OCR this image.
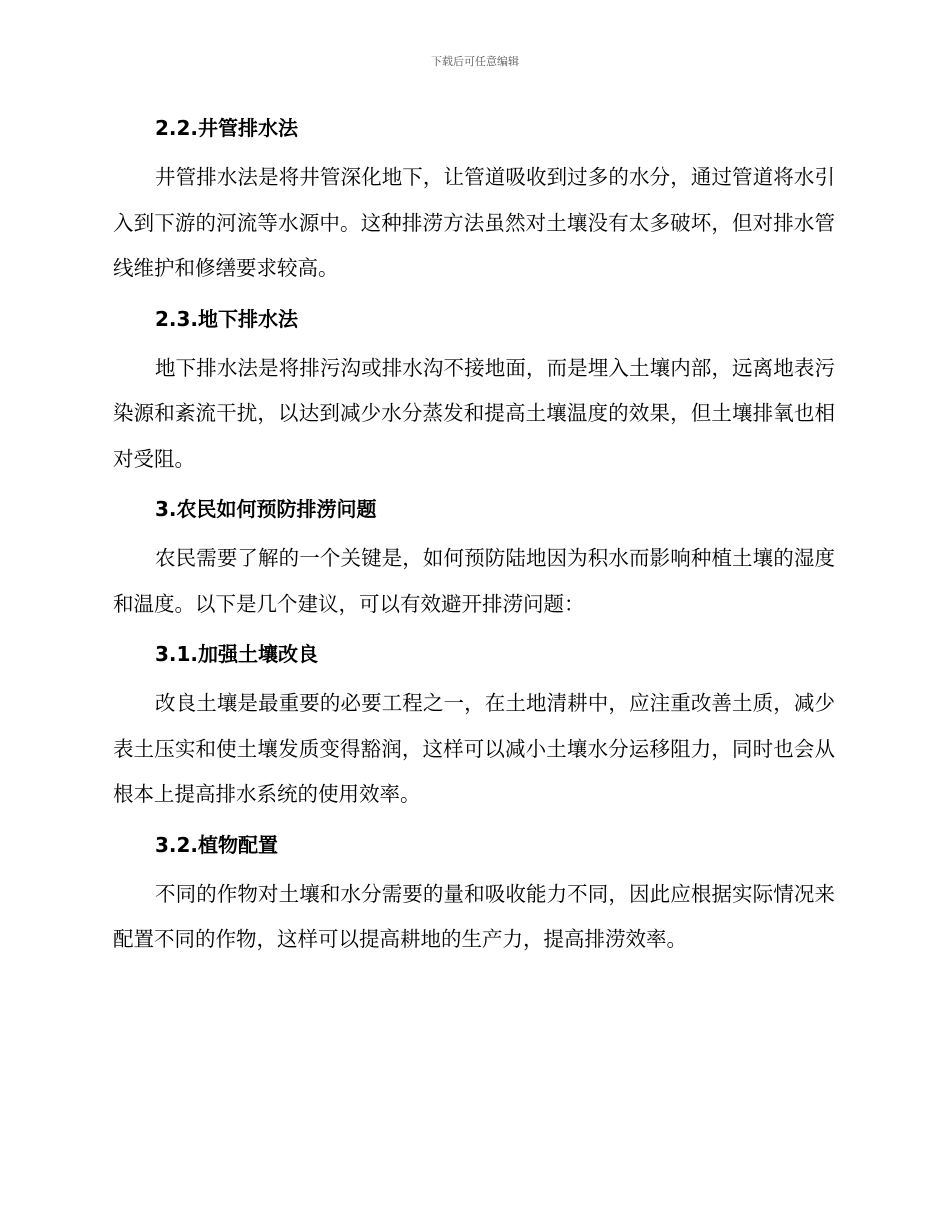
下载后可任意编辑
2.2.井管排水法

井管排水法是将井管深化地下，让管道吸收到过多的水分，通过管道将水引入到下游的河流等水源中。这种排涝方法虽然对土壤没有太多破坏，但对排水管线维护和修缮要求较高。

2.3.地下排水法

地下排水法是将排污沟或排水沟不接地面，而是埋入土壤内部，远离地表污染源和紊流干扰，以达到减少水分蒸发和提高土壤温度的效果，但土壤排氧也相对受阻。

3.农民如何预防排涝问题

农民需要了解的一个关键是，如何预防陆地因为积水而影响种植土壤的湿度和温度。以下是几个建议，可以有效避开排涝问题：

3.1.加强土壤改良

改良土壤是最重要的必要工程之一，在土地清耕中，应注重改善土质，减少表土压实和使土壤发质变得豁润，这样可以减小土壤水分运移阻力，同时也会从根本上提高排水系统的使用效率。

3.2.植物配置

不同的作物对土壤和水分需要的量和吸收能力不同，因此应根据实际情况来配置不同的作物，这样可以提高耕地的生产力，提高排涝效率。
